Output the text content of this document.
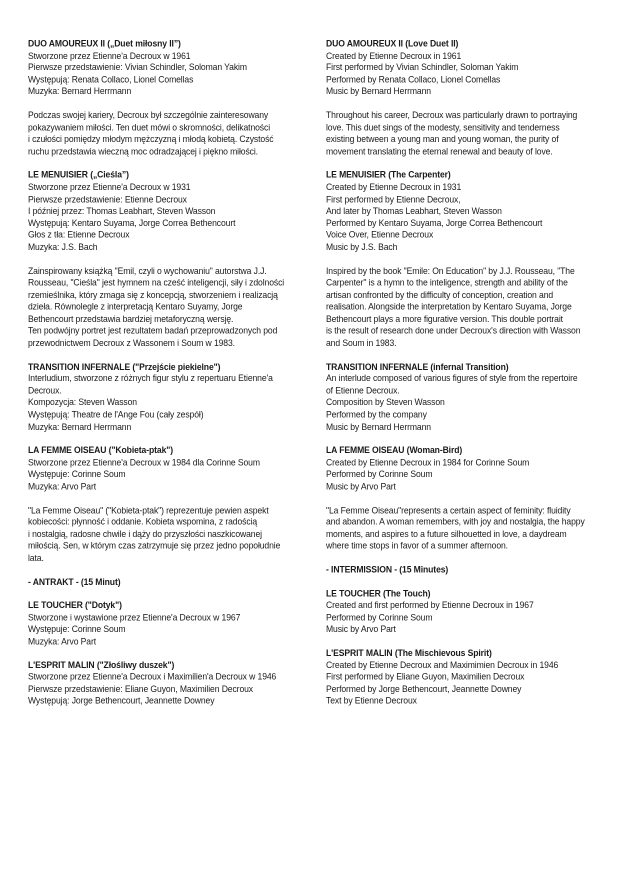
DUO AMOUREUX II („Duet miłosny II”)
Stworzone przez Etienne'a Decroux w 1961
Pierwsze przedstawienie: Vivian Schindler, Soloman Yakim
Występują: Renata Collaco, Lionel Comellas
Muzyka: Bernard Herrmann
Podczas swojej kariery, Decroux był szczególnie zainteresowany
pokazywaniem miłości. Ten duet mówi o skromności, delikatności
i czułości pomiędzy młodym mężczyzną i młodą kobietą. Czystość
ruchu przedstawia wieczną moc odradzającej i piękno miłości.
LE MENUISIER („Cieśla”)
Stworzone przez Etienne'a Decroux w 1931
Pierwsze przedstawienie: Etienne Decroux
I później przez: Thomas Leabhart, Steven Wasson
Występują: Kentaro Suyama, Jorge Correa Bethencourt
Głos z tła: Etienne Decroux
Muzyka: J.S. Bach
Zainspirowany książką "Emil, czyli o wychowaniu" autorstwa J.J.
Rousseau, "Cieśla" jest hymnem na cześć inteligencji, siły i zdolności
rzemieślnika, który zmaga się z koncepcją, stworzeniem i realizacją
dzieła. Równolegle z interpretacją Kentaro Suyamy, Jorge
Bethencourt przedstawia bardziej metaforyczną wersję.
Ten podwójny portret jest rezultatem badań przeprowadzonych pod
przewodnictwem Decroux z Wassonem i Soum w 1983.
TRANSITION INFERNALE ("Przejście piekielne")
Interludium, stworzone z różnych figur stylu z repertuaru Etienne'a
Decroux.
Kompozycja: Steven Wasson
Występują: Theatre de l'Ange Fou (cały zespół)
Muzyka: Bernard Herrmann
LA FEMME OISEAU ("Kobieta-ptak")
Stworzone przez Etienne'a Decroux w 1984 dla Corinne Soum
Występuje: Corinne Soum
Muzyka: Arvo Part
"La Femme Oiseau" ("Kobieta-ptak") reprezentuje pewien aspekt
kobiecości: płynność i oddanie. Kobieta wspomina, z radością
i nostalgią, radosne chwile i dąży do przyszłości naszkicowanej
miłością. Sen, w którym czas zatrzymuje się przez jedno popołudnie
lata.
- ANTRAKT - (15 Minut)
LE TOUCHER ("Dotyk")
Stworzone i wystawione przez Etienne'a Decroux w 1967
Występuje: Corinne Soum
Muzyka: Arvo Part
L'ESPRIT MALIN ("Złośliwy duszek")
Stworzone przez Etienne'a Decroux i Maximilien'a Decroux w 1946
Pierwsze przedstawienie: Eliane Guyon, Maximilien Decroux
Występują: Jorge Bethencourt, Jeannette Downey
DUO AMOUREUX II (Love Duet II)
Created by Etienne Decroux in 1961
First performed by Vivian Schindler, Soloman Yakim
Performed by Renata Collaco, Lionel Comellas
Music by Bernard Herrmann
Throughout his career, Decroux was particularly drawn to portraying
love. This duet sings of the modesty, sensitivity and tenderness
existing between a young man and young woman, the purity of
movement translating the eternal renewal and beauty of love.
LE MENUISIER (The Carpenter)
Created by Etienne Decroux in 1931
First performed by Etienne Decroux,
And later by Thomas Leabhart, Steven Wasson
Performed by Kentaro Suyama, Jorge Correa Bethencourt
Voice Over, Etienne Decroux
Music by J.S. Bach
Inspired by the book "Emile: On Education" by J.J. Rousseau, "The
Carpenter" is a hymn to the inteligence, strength and ability of the
artisan confronted by the difficulty of conception, creation and
realisation. Alongside the interpretation by Kentaro Suyama, Jorge
Bethencourt plays a more figurative version. This double portrait
is the result of research done under Decroux's direction with Wasson
and Soum in 1983.
TRANSITION INFERNALE (infernal Transition)
An interlude composed of various figures of style from the repertoire
of Etienne Decroux.
Composition by Steven Wasson
Performed by the company
Music by Bernard Herrmann
LA FEMME OISEAU (Woman-Bird)
Created by Etienne Decroux in 1984 for Corinne Soum
Performed by Corinne Soum
Music by Arvo Part
"La Femme Oiseau"represents a certain aspect of feminity: fluidity
and abandon. A woman remembers, with joy and nostalgia, the happy
moments, and aspires to a future silhouetted in love, a daydream
where time stops in favor of a summer afternoon.
- INTERMISSION - (15 Minutes)
LE TOUCHER (The Touch)
Created and first performed by Etienne Decroux in 1967
Performed by Corinne Soum
Music by Arvo Part
L'ESPRIT MALIN (The Mischievous Spirit)
Created by Etienne Decroux and Maximimien Decroux in 1946
First performed by Eliane Guyon, Maximilien Decroux
Performed by Jorge Bethencourt, Jeannette Downey
Text by Etienne Decroux
